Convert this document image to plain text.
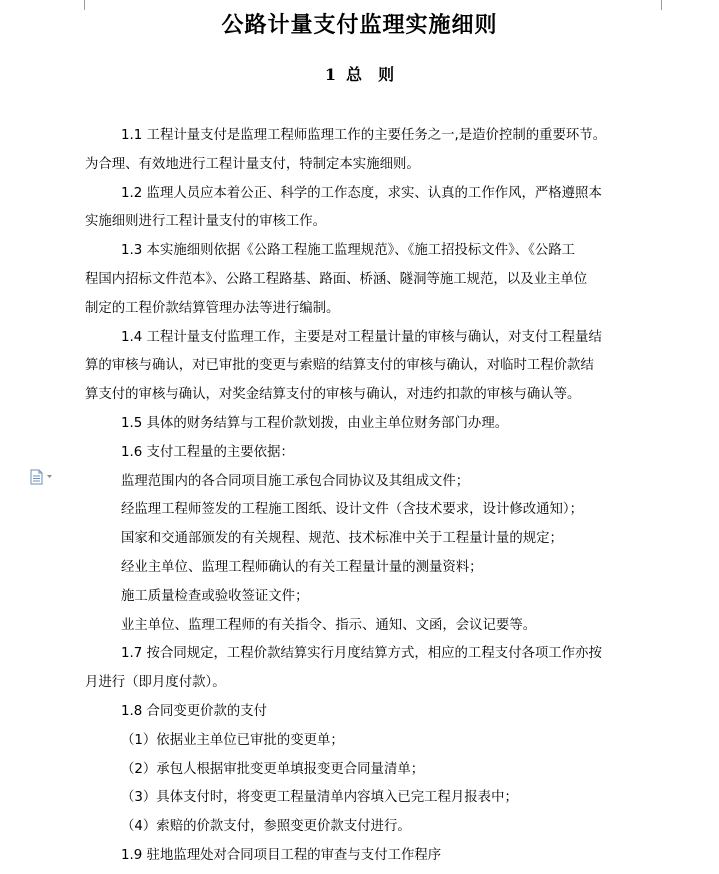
公路计量支付监理实施细则
1 总 则
1.1 工程计量支付是监理工程师监理工作的主要任务之一,是造价控制的重要环节。
为合理、有效地进行工程计量支付，特制定本实施细则。
1.2 监理人员应本着公正、科学的工作态度，求实、认真的工作作风，严格遵照本
实施细则进行工程计量支付的审核工作。
1.3 本实施细则依据《公路工程施工监理规范》、《施工招投标文件》、《公路工
程国内招标文件范本》、公路工程路基、路面、桥涵、隧洞等施工规范，以及业主单位
制定的工程价款结算管理办法等进行编制。
1.4 工程计量支付监理工作，主要是对工程量计量的审核与确认，对支付工程量结
算的审核与确认，对已审批的变更与索赔的结算支付的审核与确认，对临时工程价款结
算支付的审核与确认，对奖金结算支付的审核与确认，对违约扣款的审核与确认等。
1.5 具体的财务结算与工程价款划拨，由业主单位财务部门办理。
1.6 支付工程量的主要依据：
监理范围内的各合同项目施工承包合同协议及其组成文件；
经监理工程师签发的工程施工图纸、设计文件（含技术要求，设计修改通知）；
国家和交通部颁发的有关规程、规范、技术标准中关于工程量计量的规定；
经业主单位、监理工程师确认的有关工程量计量的测量资料；
施工质量检查或验收签证文件；
业主单位、监理工程师的有关指令、指示、通知、文函，会议记要等。
1.7 按合同规定，工程价款结算实行月度结算方式，相应的工程支付各项工作亦按
月进行（即月度付款）。
1.8 合同变更价款的支付
（1）依据业主单位已审批的变更单；
（2）承包人根据审批变更单填报变更合同量清单；
（3）具体支付时，将变更工程量清单内容填入已完工程月报表中；
（4）索赔的价款支付，参照变更价款支付进行。
1.9 驻地监理处对合同项目工程的审查与支付工作程序
